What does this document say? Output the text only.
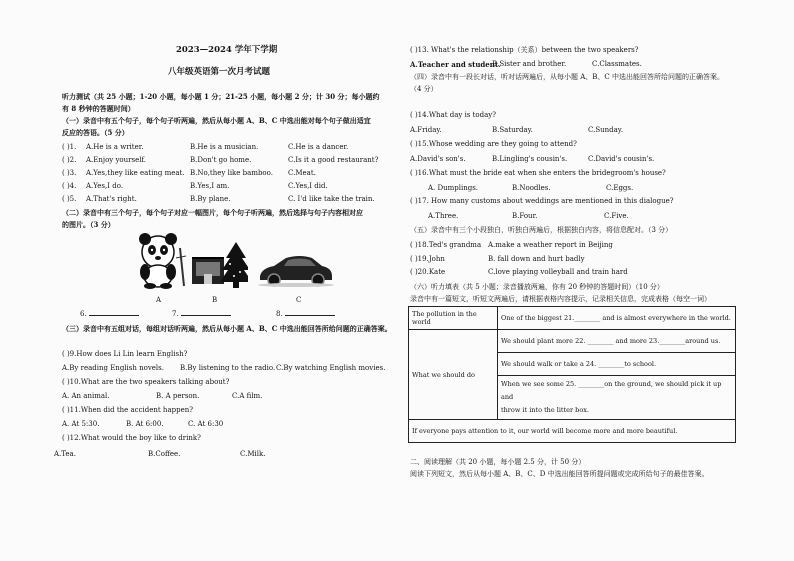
2023—2024 学年下学期
八年级英语第一次月考试题
听力测试（共 25 小题；1-20 小题，每小题 1 分；21-25 小题，每小题 2 分；计 30 分；每小题约
有 8 秒钟的答题时间）
（一）录音中有五个句子，每个句子听两遍，然后从每小题 A、B、C 中选出能对每个句子做出适宜
反应的答语。（5 分）
( )1. A.He is a writer.	B.He is a musician.	C.He is a dancer.
( )2. A.Enjoy yourself.	B.Don't go home.	C.Is it a good restaurant?
( )3. A.Yes,they like eating meat. B.No,they like bamboo. C.Meat.
( )4. A.Yes,I do.	B.Yes,I am.	C.Yes,I did.
( )5. A.That's right.	B.By plane.	C. I'd like take the train.
（二）录音中有三个句子，每个句子对应一幅图片，每个句子听两遍，然后选择与句子内容相对应
的图片。（3 分）
A	B	C
6.	7.	8.
（三）录音中有五组对话，每组对话听两遍，然后从每小题 A、B、C 中选出能回答所给问题的正确答案。
( )9.How does Li Lin learn English?
A.By reading English novels. B.By listening to the radio. C.By watching English movies.
( )10.What are the two speakers talking about?
A. An animal.	B. A person.	C.A film.
( )11.When did the accident happen?
A. At 5:30.	B. At 6:00.	C. At 6:30
( )12.What would the boy like to drink?
A.Tea.	B.Coffee.	C.Milk.
( )13. What's the relationship（关系）between the two speakers?
A.Teacher and student.
B.Sister and brother.	C.Classmates.
（四）录音中有一段长对话，听对话两遍后，从每小题 A、B、C 中选出能回答所给问题的正确答案。
（4 分）
( )14.What day is today?
A.Friday.	B.Saturday.	C.Sunday.
( )15.Whose wedding are they going to attend?
A.David's son's.	B.Lingling's cousin's.	C.David's cousin's.
( )16.What must the bride eat when she enters the bridegroom's house?
A. Dumplings.	B.Noodles.	C.Eggs.
( )17. How many customs about weddings are mentioned in this dialogue?
A.Three.	B.Four.	C.Five.
（五）录音中有三个小段独白，听独白两遍后，根据独白内容，将信息配对。（3 分）
( )18.Ted's grandma A.make a weather report in Beijing
( )19.John	B. fall down and hurt badly
( )20.Kate	C.love playing volleyball and train hard
（六）听力填表（共 5 小题；录音播放两遍，你有 20 秒钟的答题时间）（10 分）
录音中有一篇短文，听短文两遍后，请根据表格内容提示，记录相关信息，完成表格（每空一词）
The pollution in the world	One of the biggest 21.________ and is almost everywhere in the world.
What we should do	We should plant more 22. ________ and more 23.________around us.
	We should walk or take a 24. ________to school.

	When we see some 25. ________on the ground, we should pick it up and
throw it into the litter box.

If everyone pays attention to it, our world will become more and more beautiful.	
二、阅读理解（共 20 小题，每小题 2.5 分，计 50 分）
阅读下列短文，然后从每小题 A、B、C、D 中选出能回答所提问题或完成所给句子的最佳答案。
